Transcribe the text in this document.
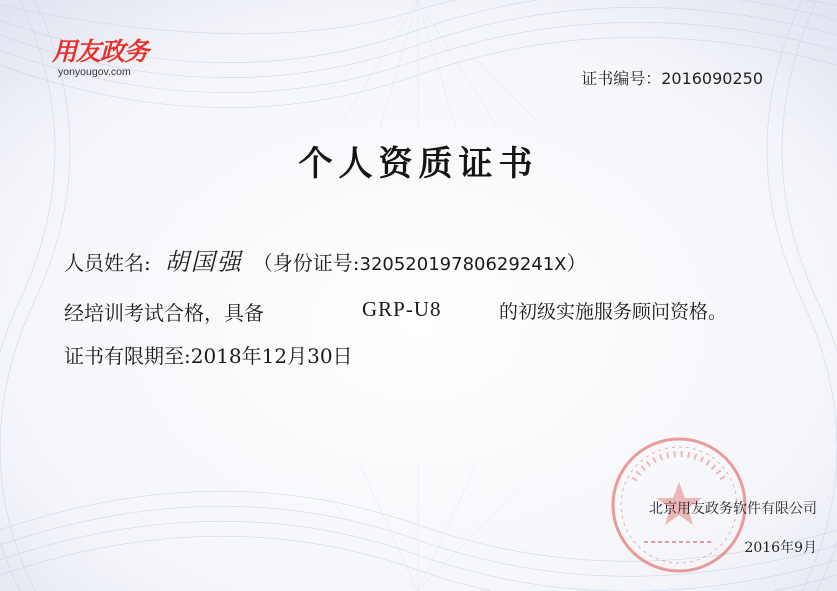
用友政务
yonyougov.com	证书编号：2016090250
个人资质证书
人员姓名: 胡国强 （身份证号:32052019780629241X）
经培训考试合格，具备	GRP-U8	的初级实施服务顾问资格。
证书有限期至:2018年12月30日
北京用友政务软件有限公司
2016年9月
